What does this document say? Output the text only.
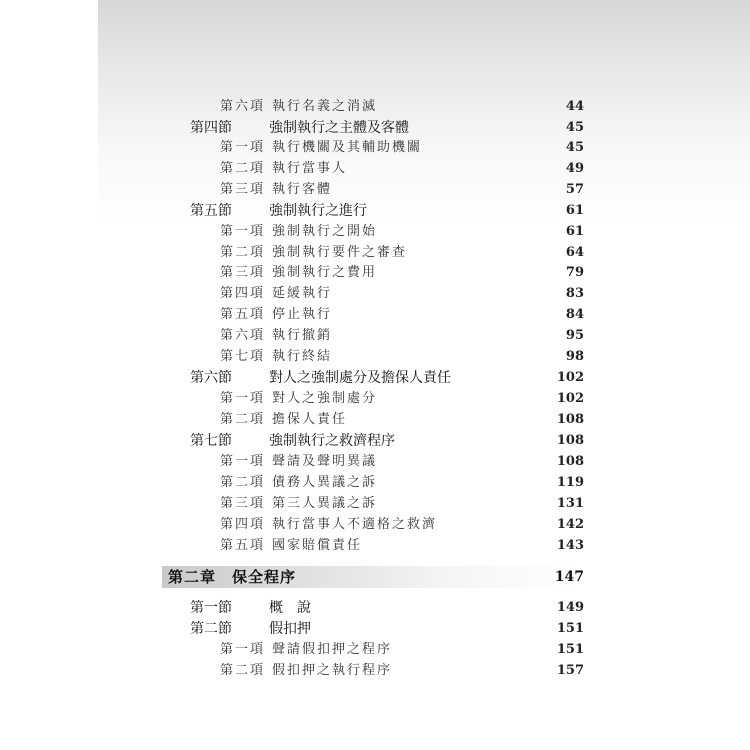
第六項 執行名義之消滅	44
第四節	強制執行之主體及客體	45
第一項 執行機關及其輔助機關	45
第二項 執行當事人	49
第三項 執行客體	57
第五節	強制執行之進行	61
第一項 強制執行之開始	61
第二項 強制執行要件之審查	64
第三項 強制執行之費用	79
第四項 延緩執行	83
第五項 停止執行	84
第六項 執行撤銷	95
第七項 執行終結	98
第六節	對人之強制處分及擔保人責任	102
第一項 對人之強制處分	102
第二項 擔保人責任	108
第七節	強制執行之救濟程序	108
第一項 聲請及聲明異議	108
第二項 債務人異議之訴	119
第三項 第三人異議之訴	131
第四項 執行當事人不適格之救濟	142
第五項 國家賠償責任	143
第二章　 保全程序	147
第一節	概　說	149
第二節	假扣押	151
第一項 聲請假扣押之程序	151
第二項 假扣押之執行程序	157
